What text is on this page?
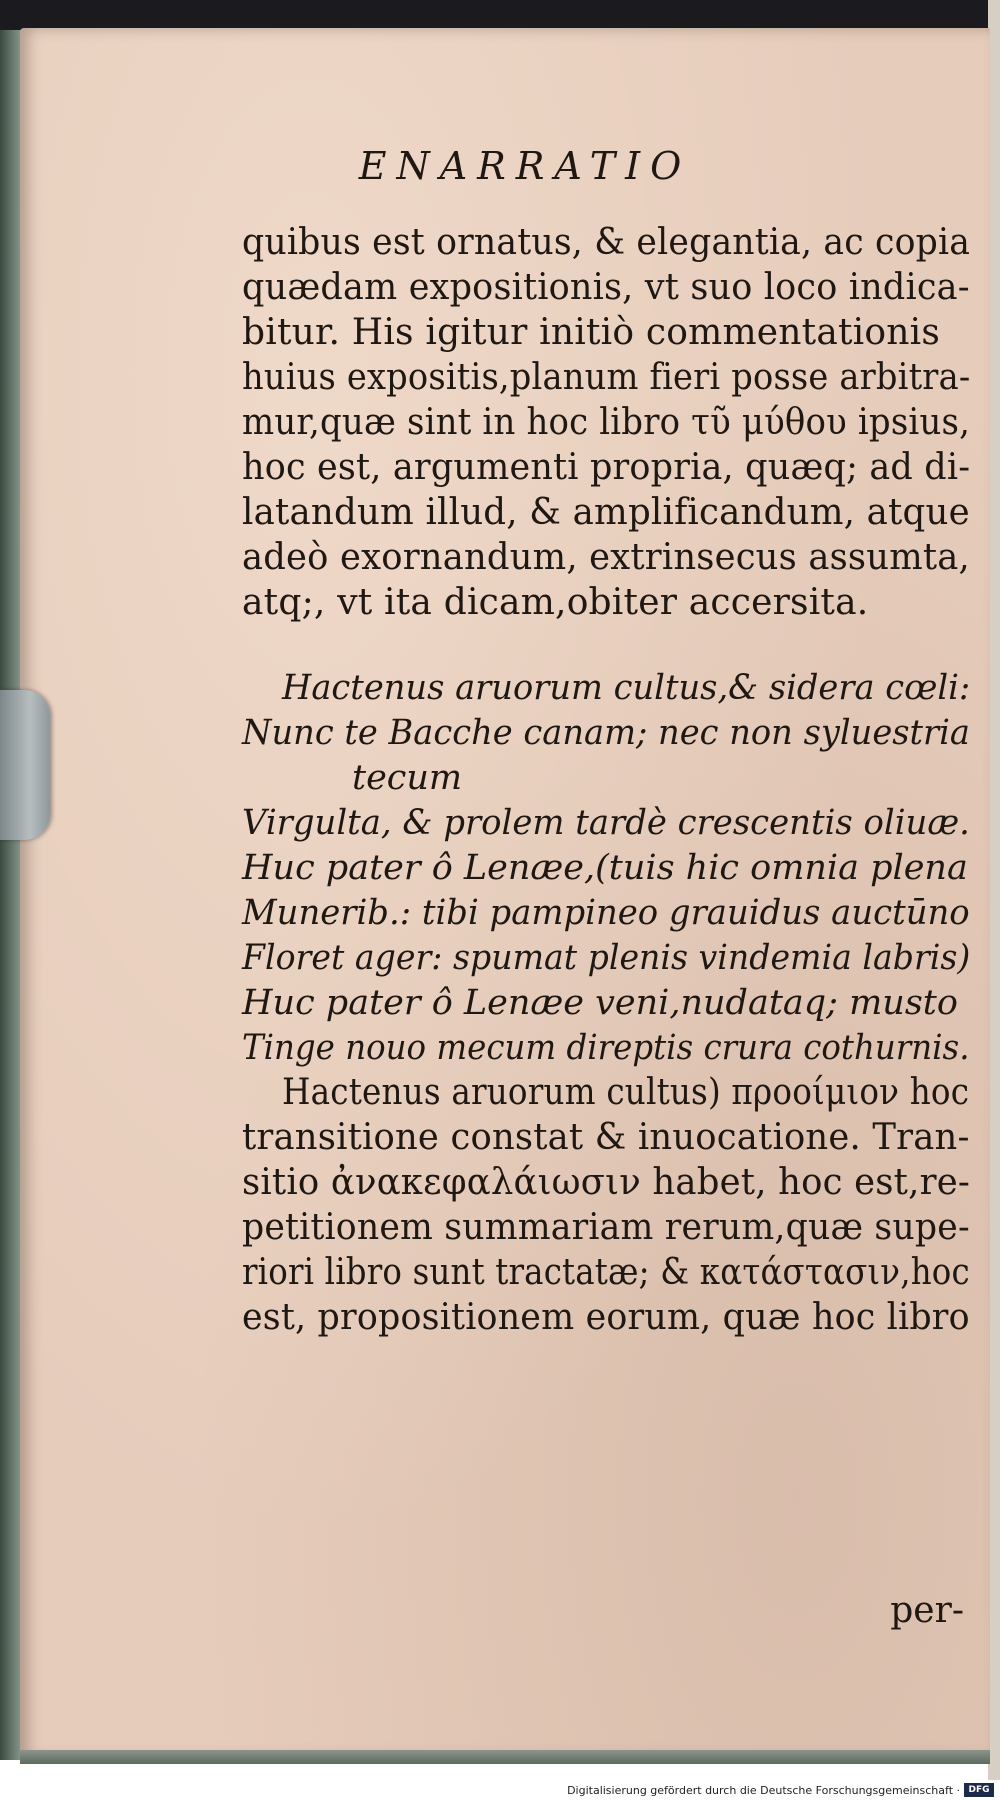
ENARRATIO
quibus est ornatus, & elegantia, ac copia
quædam expositionis, vt suo loco indica-
bitur. His igitur initiò commentationis
huius expositis,planum fieri posse arbitra-
mur,quæ sint in hoc libro τῦ μύθου ipsius,
hoc est, argumenti propria, quæq; ad di-
latandum illud, & amplificandum, atque
adeò exornandum, extrinsecus assumta,
atq;, vt ita dicam,obiter accersita.
Hactenus aruorum cultus,& sidera cœli:
Nunc te Bacche canam; nec non syluestria
tecum
Virgulta, & prolem tardè crescentis oliuæ.
Huc pater ô Lenæe,(tuis hic omnia plena
Munerib.: tibi pampineo grauidus auctūno
Floret ager: spumat plenis vindemia labris)
Huc pater ô Lenæe veni,nudataq; musto
Tinge nouo mecum direptis crura cothurnis.
Hactenus aruorum cultus) προοίμιον hoc
transitione constat & inuocatione. Tran-
sitio ἀνακεφαλάιωσιν habet, hoc est,re-
petitionem summariam rerum,quæ supe-
riori libro sunt tractatæ; & κατάστασιν,hoc
est, propositionem eorum, quæ hoc libro
per-
Digitalisierung gefördert durch die Deutsche Forschungsgemeinschaft · DFG
